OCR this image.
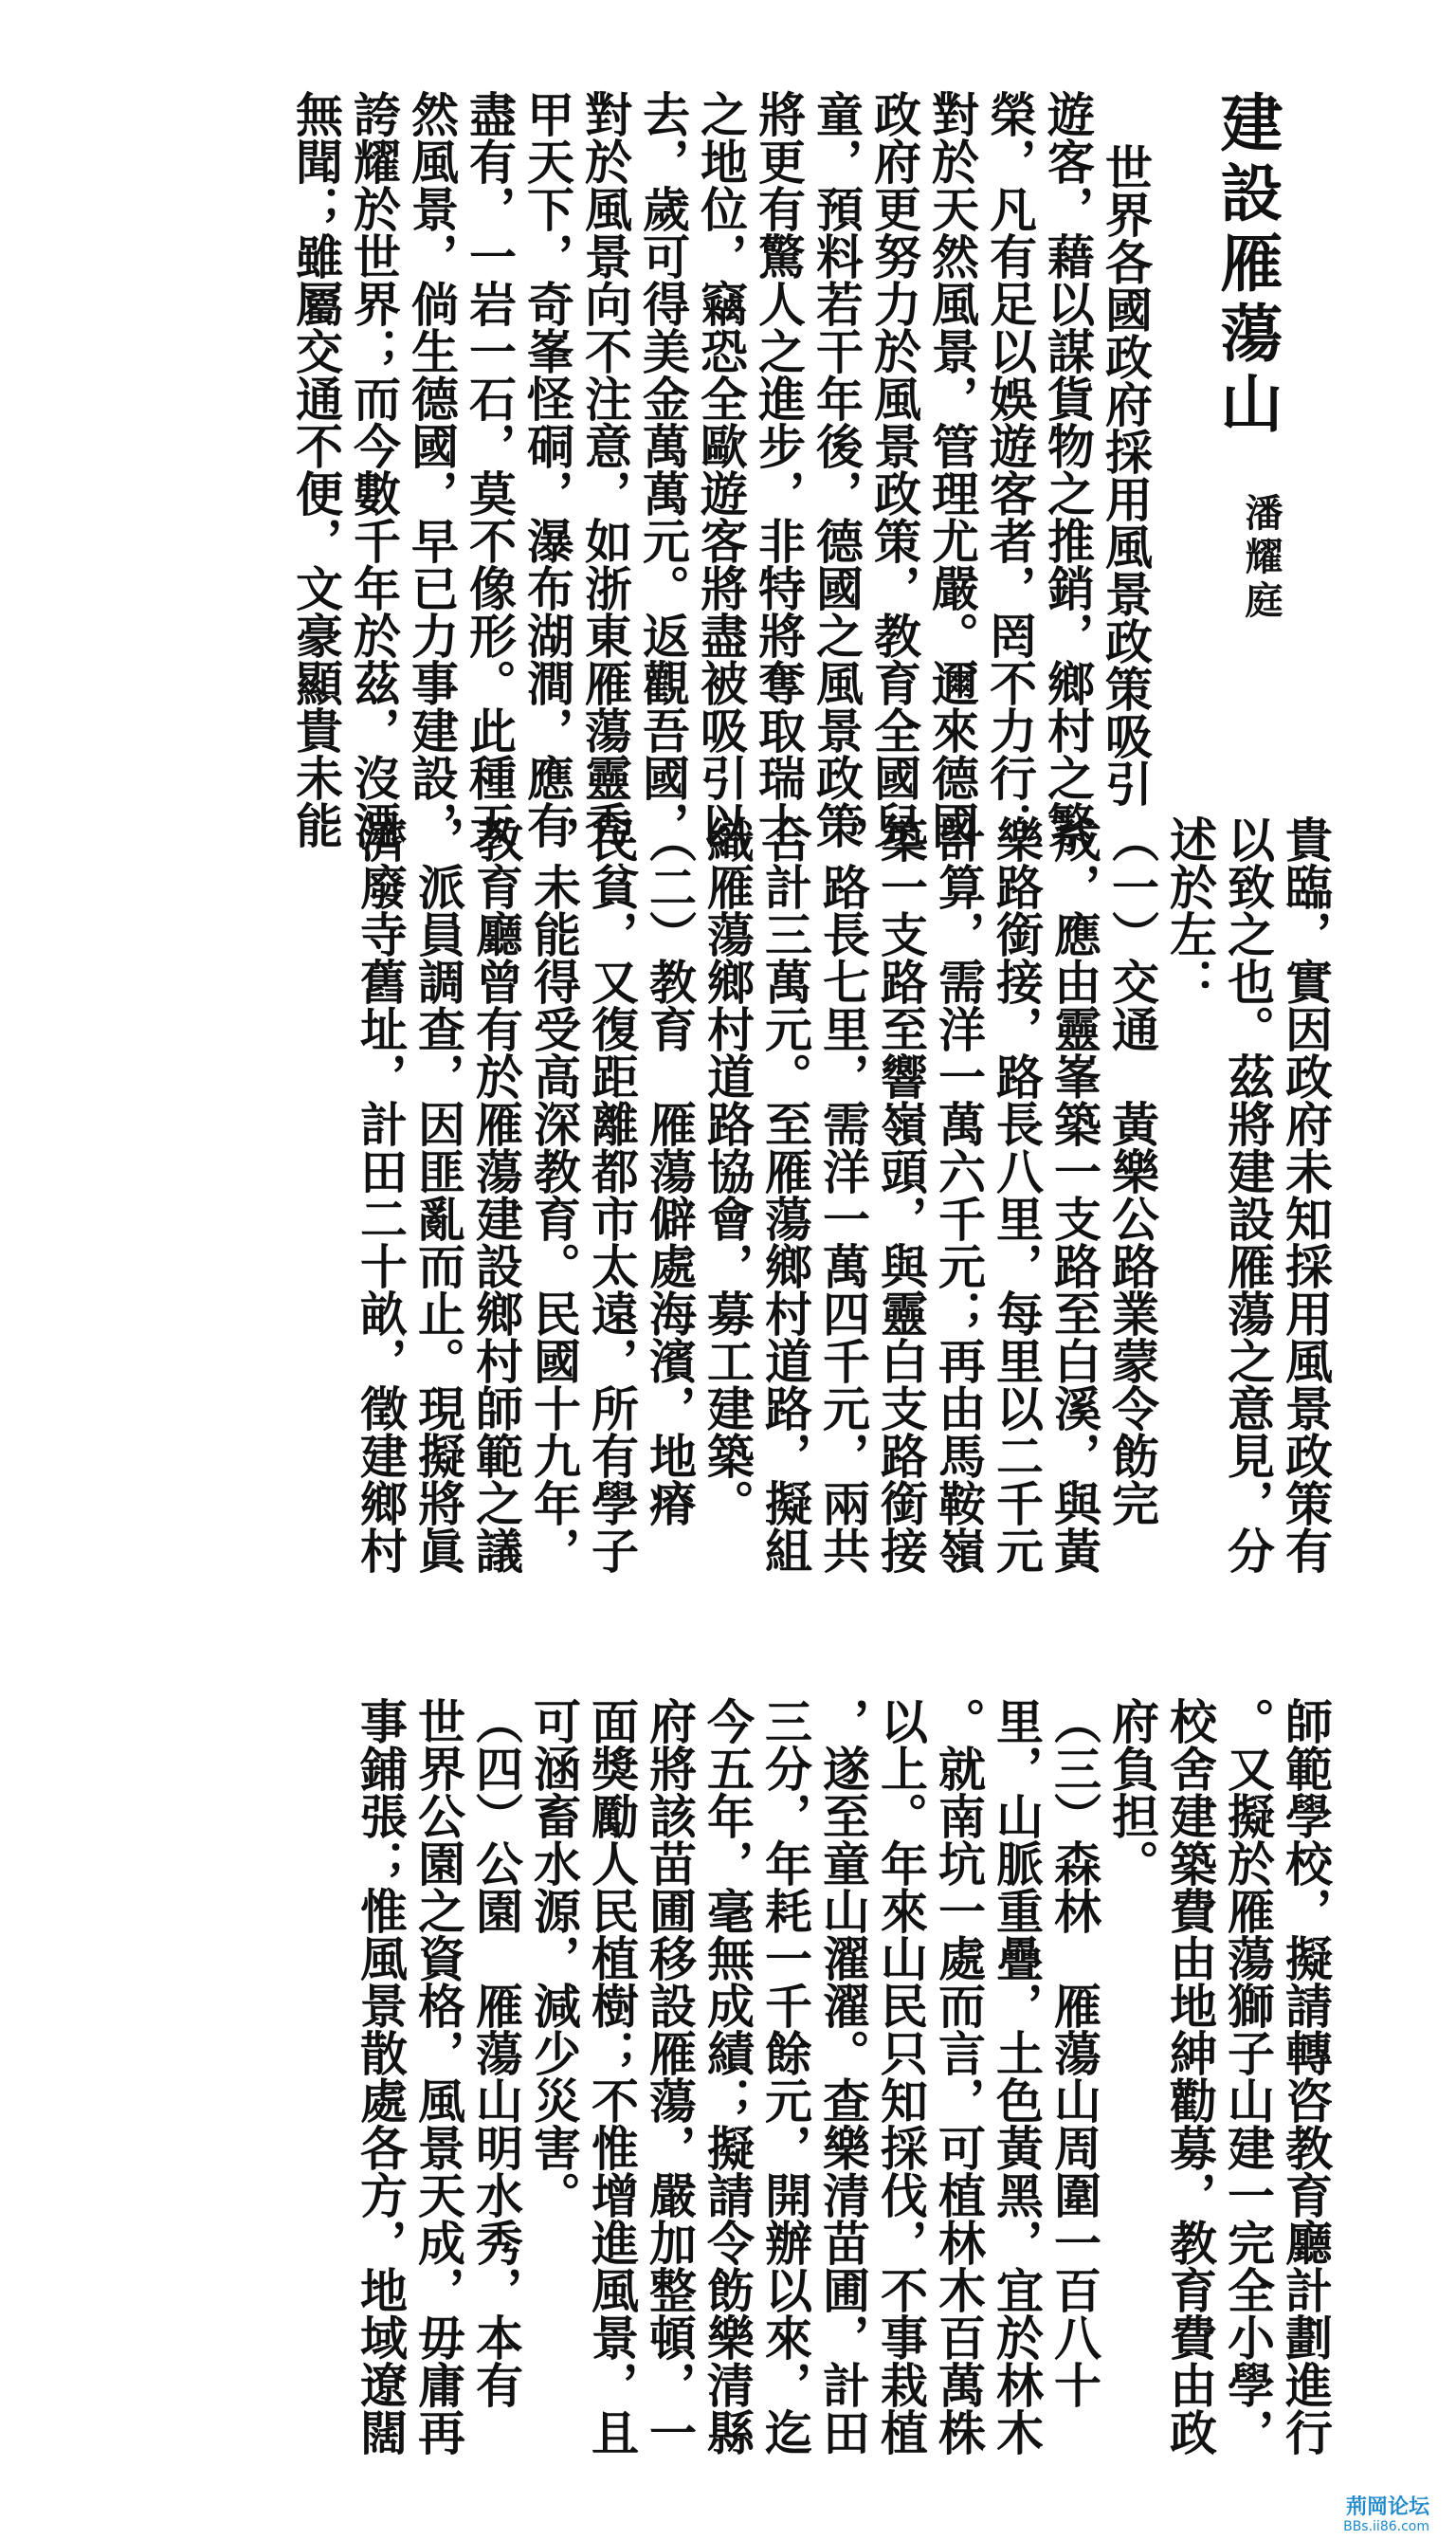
建設雁蕩山
潘耀庭
世界各國政府採用風景政策吸引
遊客，藉以謀貨物之推銷，鄉村之繁
榮，凡有足以娛遊客者，罔不力行；
對於天然風景，管理尤嚴。邇來德國
政府更努力於風景政策，教育全國兒
童，預料若干年後，德國之風景政策
將更有驚人之進步，非特將奪取瑞士
之地位，竊恐全歐遊客將盡被吸引以
去，歲可得美金萬萬元。返觀吾國，
對於風景向不注意，如浙東雁蕩靈秀
甲天下，奇峯怪硐，瀑布湖澗，應有
盡有，一岩一石，莫不像形。此種天
然風景，倘生德國，早已力事建設，
誇耀於世界；而今數千年於茲，沒湮
無聞；雖屬交通不便，文豪顯貴未能
貴臨，實因政府未知採用風景政策有
以致之也。茲將建設雁蕩之意見，分
述於左：
（一）交通　黃樂公路業蒙令飭完
成，應由靈峯築一支路至白溪，與黃
樂路銜接，路長八里，每里以二千元
計算，需洋一萬六千元；再由馬鞍嶺
築一支路至響嶺頭，與靈白支路銜接
，路長七里，需洋一萬四千元，兩共
合計三萬元。至雁蕩鄉村道路，擬組
織雁蕩鄉村道路協會，募工建築。
（二）教育　雁蕩僻處海濱，地瘠
民貧，又復距離都市太遠，所有學子
，未能得受高深教育。民國十九年，
教育廳曾有於雁蕩建設鄉村師範之議
，派員調查，因匪亂而止。現擬將眞
濟廢寺舊址，計田二十畝，徵建鄉村
師範學校，擬請轉咨教育廳計劃進行
。又擬於雁蕩獅子山建一完全小學，
校舍建築費由地紳勸募，教育費由政
府負担。
（三）森林　雁蕩山周圍一百八十
里，山脈重疊，土色黃黑，宜於林木
。就南坑一處而言，可植林木百萬株
以上。年來山民只知採伐，不事栽植
，遂至童山濯濯。查樂清苗圃，計田
三分，年耗一千餘元，開辦以來，迄
今五年，毫無成績；擬請令飭樂清縣
府將該苗圃移設雁蕩，嚴加整頓，一
面獎勵人民植樹；不惟增進風景，且
可涵畜水源，減少災害。
（四）公園　雁蕩山明水秀，本有
世界公園之資格，風景天成，毋庸再
事鋪張；惟風景散處各方，地域遼闊
荊岡论坛
BBs.ii86.com
